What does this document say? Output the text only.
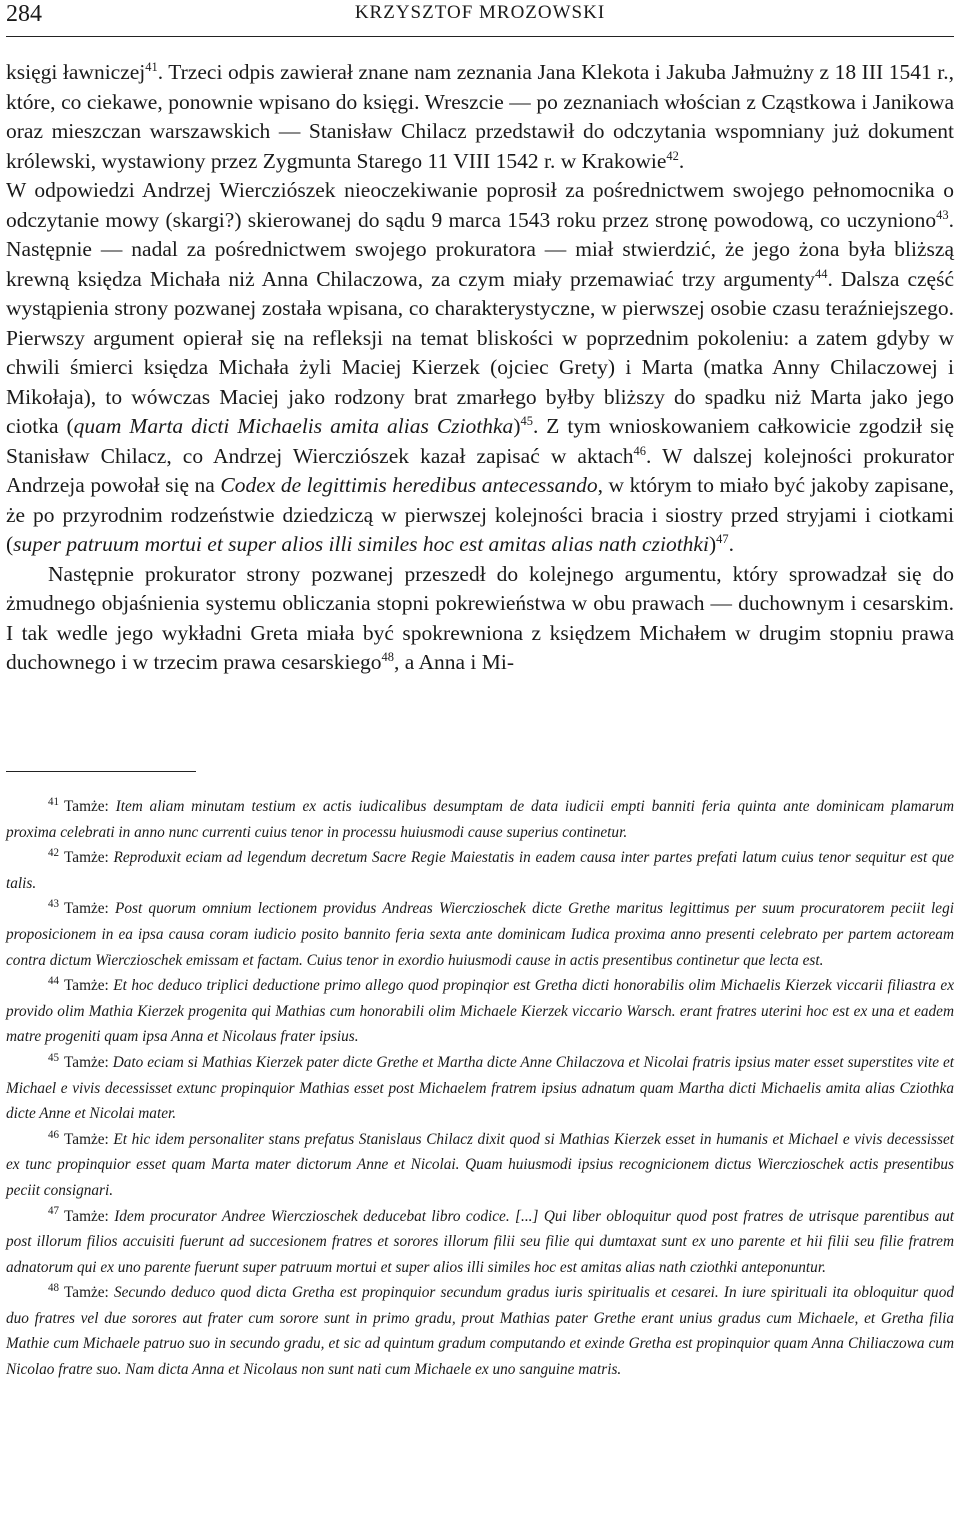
284	KRZYSZTOF MROZOWSKI

księgi ławniczej$^{41}$. Trzeci odpis zawierał znane nam zeznania Jana Klekota i Jakuba Jałmużny z 18 III 1541 r., które, co ciekawe, ponownie wpisano do księgi. Wreszcie — po zeznaniach włościan z Cząstkowa i Janikowa oraz mieszczan warszawskich — Stanisław Chilacz przedstawił do odczytania wspomniany już dokument królewski, wystawiony przez Zygmunta Starego 11 VIII 1542 r. w Krakowie$^{42}$.

W odpowiedzi Andrzej Wiercziószek nieoczekiwanie poprosił za pośrednictwem swojego pełnomocnika o odczytanie mowy (skargi?) skierowanej do sądu 9 marca 1543 roku przez stronę powodową, co uczyniono$^{43}$. Następnie — nadal za pośrednictwem swojego prokuratora — miał stwierdzić, że jego żona była bliższą krewną księdza Michała niż Anna Chilaczowa, za czym miały przemawiać trzy argumenty$^{44}$. Dalsza część wystąpienia strony pozwanej została wpisana, co charakterystyczne, w pierwszej osobie czasu teraźniejszego. Pierwszy argument opierał się na refleksji na temat bliskości w poprzednim pokoleniu: a zatem gdyby w chwili śmierci księdza Michała żyli Maciej Kierzek (ojciec Grety) i Marta (matka Anny Chilaczowej i Mikołaja), to wówczas Maciej jako rodzony brat zmarłego byłby bliższy do spadku niż Marta jako jego ciotka (quam Marta dicti Michaelis amita alias Cziothka)$^{45}$. Z tym wnioskowaniem całkowicie zgodził się Stanisław Chilacz, co Andrzej Wiercziószek kazał zapisać w aktach$^{46}$. W dalszej kolejności prokurator Andrzeja powołał się na Codex de legittimis heredibus antecessando, w którym to miało być jakoby zapisane, że po przyrodnim rodzeństwie dziedziczą w pierwszej kolejności bracia i siostry przed stryjami i ciotkami (super patruum mortui et super alios illi similes hoc est amitas alias nath cziothki)$^{47}$.

Następnie prokurator strony pozwanej przeszedł do kolejnego argumentu, który sprowadzał się do żmudnego objaśnienia systemu obliczania stopni pokrewieństwa w obu prawach — duchownym i cesarskim. I tak wedle jego wykładni Greta miała być spokrewniona z księdzem Michałem w drugim stopniu prawa duchownego i w trzecim prawa cesarskiego$^{48}$, a Anna i Mi-

$^{41}$ Tamże: Item aliam minutam testium ex actis iudicalibus desumptam de data iudicii empti banniti feria quinta ante dominicam plamarum proxima celebrati in anno nunc currenti cuius tenor in processu huiusmodi cause superius continetur.

$^{42}$ Tamże: Reproduxit eciam ad legendum decretum Sacre Regie Maiestatis in eadem causa inter partes prefati latum cuius tenor sequitur est que talis.

$^{43}$ Tamże: Post quorum omnium lectionem providus Andreas Wierczioschek dicte Grethe maritus legittimus per suum procuratorem peciit legi proposicionem in ea ipsa causa coram iudicio posito bannito feria sexta ante dominicam Iudica proxima anno presenti celebrato per partem actoream contra dictum Wierczioschek emissam et factam. Cuius tenor in exordio huiusmodi cause in actis presentibus continetur que lecta est.

$^{44}$ Tamże: Et hoc deduco triplici deductione primo allego quod propinqior est Gretha dicti honorabilis olim Michaelis Kierzek viccarii filiastra ex provido olim Mathia Kierzek progenita qui Mathias cum honorabili olim Michaele Kierzek viccario Warsch. erant fratres uterini hoc est ex una et eadem matre progeniti quam ipsa Anna et Nicolaus frater ipsius.

$^{45}$ Tamże: Dato eciam si Mathias Kierzek pater dicte Grethe et Martha dicte Anne Chilaczova et Nicolai fratris ipsius mater esset superstites vite et Michael e vivis decessisset extunc propinquior Mathias esset post Michaelem fratrem ipsius adnatum quam Martha dicti Michaelis amita alias Cziothka dicte Anne et Nicolai mater.

$^{46}$ Tamże: Et hic idem personaliter stans prefatus Stanislaus Chilacz dixit quod si Mathias Kierzek esset in humanis et Michael e vivis decessisset ex tunc propinquior esset quam Marta mater dictorum Anne et Nicolai. Quam huiusmodi ipsius recognicionem dictus Wierczioschek actis presentibus peciit consignari.

$^{47}$ Tamże: Idem procurator Andree Wierczioschek deducebat libro codice. [...] Qui liber obloquitur quod post fratres de utrisque parentibus aut post illorum filios accuisiti fuerunt ad succesionem fratres et sorores illorum filii seu filie qui dumtaxat sunt ex uno parente et hii filii seu filie fratrem adnatorum qui ex uno parente fuerunt super patruum mortui et super alios illi similes hoc est amitas alias nath cziothki anteponuntur.

$^{48}$ Tamże: Secundo deduco quod dicta Gretha est propinquior secundum gradus iuris spiritualis et cesarei. In iure spirituali ita obloquitur quod duo fratres vel due sorores aut frater cum sorore sunt in primo gradu, prout Mathias pater Grethe erant unius gradus cum Michaele, et Gretha filia Mathie cum Michaele patruo suo in secundo gradu, et sic ad quintum gradum computando et exinde Gretha est propinquior quam Anna Chiliaczowa cum Nicolao fratre suo. Nam dicta Anna et Nicolaus non sunt nati cum Michaele ex uno sanguine matris.
